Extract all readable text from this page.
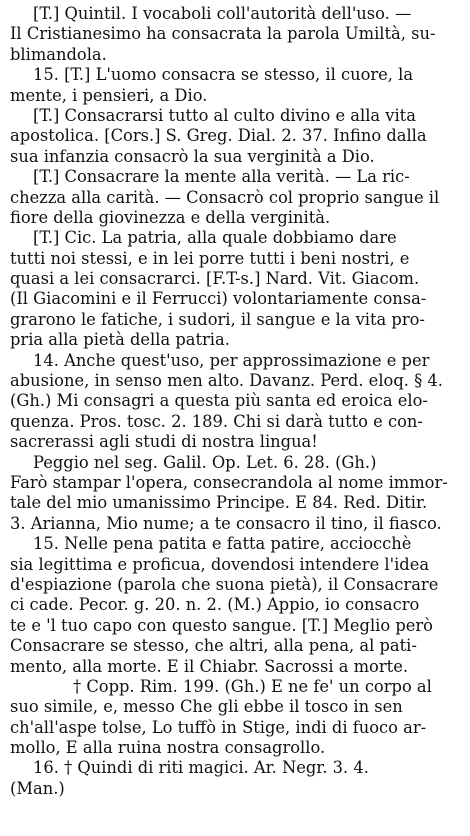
[T.] Quintil. I vocaboli coll'autorità dell'uso. —
Il Cristianesimo ha consacrata la parola Umiltà, su-
blimandola.
15. [T.] L'uomo consacra se stesso, il cuore, la
mente, i pensieri, a Dio.
[T.] Consacrarsi tutto al culto divino e alla vita
apostolica. [Cors.] S. Greg. Dial. 2. 37. Infino dalla
sua infanzia consacrò la sua verginità a Dio.
[T.] Consacrare la mente alla verità. — La ric-
chezza alla carità. — Consacrò col proprio sangue il
fiore della giovinezza e della verginità.
[T.] Cic. La patria, alla quale dobbiamo dare
tutti noi stessi, e in lei porre tutti i beni nostri, e
quasi a lei consacrarci. [F.T-s.] Nard. Vit. Giacom.
(Il Giacomini e il Ferrucci) volontariamente consa-
grarono le fatiche, i sudori, il sangue e la vita pro-
pria alla pietà della patria.
14. Anche quest'uso, per approssimazione e per
abusione, in senso men alto. Davanz. Perd. eloq. § 4.
(Gh.) Mi consagri a questa più santa ed eroica elo-
quenza. Pros. tosc. 2. 189. Chi si darà tutto e con-
sacrerassi agli studi di nostra lingua!
Peggio nel seg. Galil. Op. Let. 6. 28. (Gh.)
Farò stampar l'opera, consecrandola al nome immor-
tale del mio umanissimo Principe. E 84. Red. Ditir.
3. Arianna, Mio nume; a te consacro il tino, il fiasco.
15. Nelle pena patita e fatta patire, acciocchè
sia legittima e proficua, dovendosi intendere l'idea
d'espiazione (parola che suona pietà), il Consacrare
ci cade. Pecor. g. 20. n. 2. (M.) Appio, io consacro
te e 'l tuo capo con questo sangue. [T.] Meglio però
Consacrare se stesso, che altri, alla pena, al pati-
mento, alla morte. E il Chiabr. Sacrossi a morte.
† Copp. Rim. 199. (Gh.) E ne fe' un corpo al
suo simile, e, messo Che gli ebbe il tosco in sen
ch'all'aspe tolse, Lo tuffò in Stige, indi di fuoco ar-
mollo, E alla ruina nostra consagrollo.
16. † Quindi di riti magici. Ar. Negr. 3. 4.
(Man.)
